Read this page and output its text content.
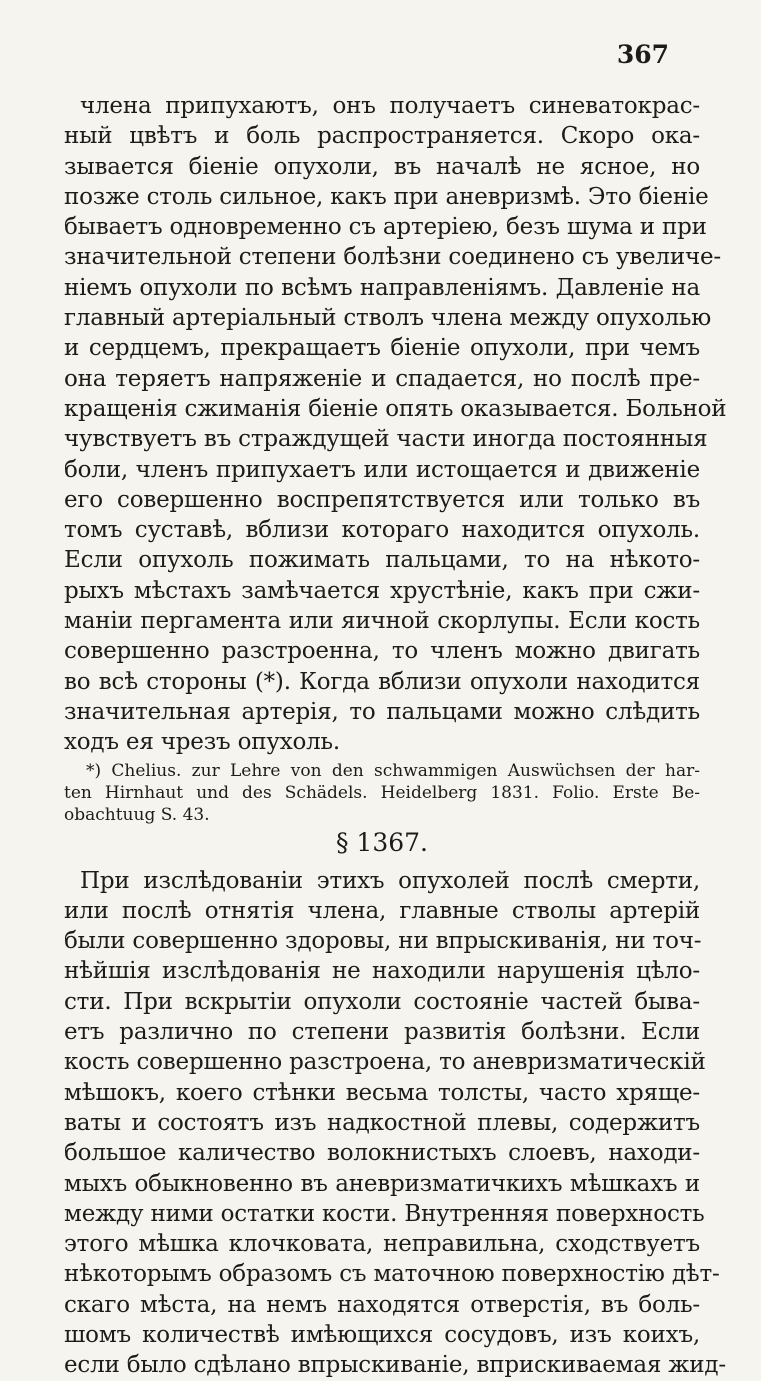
367
члена припухаютъ, онъ получаетъ синеватокрас-
ный цвѣтъ и боль распространяется. Скоро ока-
зывается біеніе опухоли, въ началѣ не ясное, но
позже столь сильное, какъ при аневризмѣ. Это біеніе
бываетъ одновременно съ артеріею, безъ шума и при
значительной степени болѣзни соединено съ увеличе-
ніемъ опухоли по всѣмъ направленіямъ. Давленіе на
главный артеріальный стволъ члена между опухолью
и сердцемъ, прекращаетъ біеніе опухоли, при чемъ
она теряетъ напряженіе и спадается, но послѣ пре-
кращенія сжиманія біеніе опять оказывается. Больной
чувствуетъ въ страждущей части иногда постоянныя
боли, членъ припухаетъ или истощается и движеніе
его совершенно воспрепятствуется или только въ
томъ суставѣ, вблизи котораго находится опухоль.
Если опухоль пожимать пальцами, то на нѣкото-
рыхъ мѣстахъ замѣчается хрустѣніе, какъ при сжи-
маніи пергамента или яичной скорлупы. Если кость
совершенно разстроенна, то членъ можно двигать
во всѣ стороны (*). Когда вблизи опухоли находится
значительная артерія, то пальцами можно слѣдить
ходъ ея чрезъ опухоль.
*) Chelius. zur Lehre von den schwammigen Auswüchsen der har-
ten Hirnhaut und des Schädels. Heidelberg 1831. Folio. Erste Be-
obachtuug S. 43.
§ 1367.
При изслѣдованіи этихъ опухолей послѣ смерти,
или послѣ отнятія члена, главные стволы артерій
были совершенно здоровы, ни впрыскиванія, ни точ-
нѣйшія изслѣдованія не находили нарушенія цѣло-
сти. При вскрытіи опухоли состояніе частей быва-
етъ различно по степени развитія болѣзни. Если
кость совершенно разстроена, то аневризматическій
мѣшокъ, коего стѣнки весьма толсты, часто хряще-
ваты и состоятъ изъ надкостной плевы, содержитъ
большое каличество волокнистыхъ слоевъ, находи-
мыхъ обыкновенно въ аневризматичкихъ мѣшкахъ и
между ними остатки кости. Внутренняя поверхность
этого мѣшка клочковата, неправильна, сходствуетъ
нѣкоторымъ образомъ съ маточною поверхностію дѣт-
скаго мѣста, на немъ находятся отверстія, въ боль-
шомъ количествѣ имѣющихся сосудовъ, изъ коихъ,
если было сдѣлано впрыскиваніе, вприскиваемая жид-
